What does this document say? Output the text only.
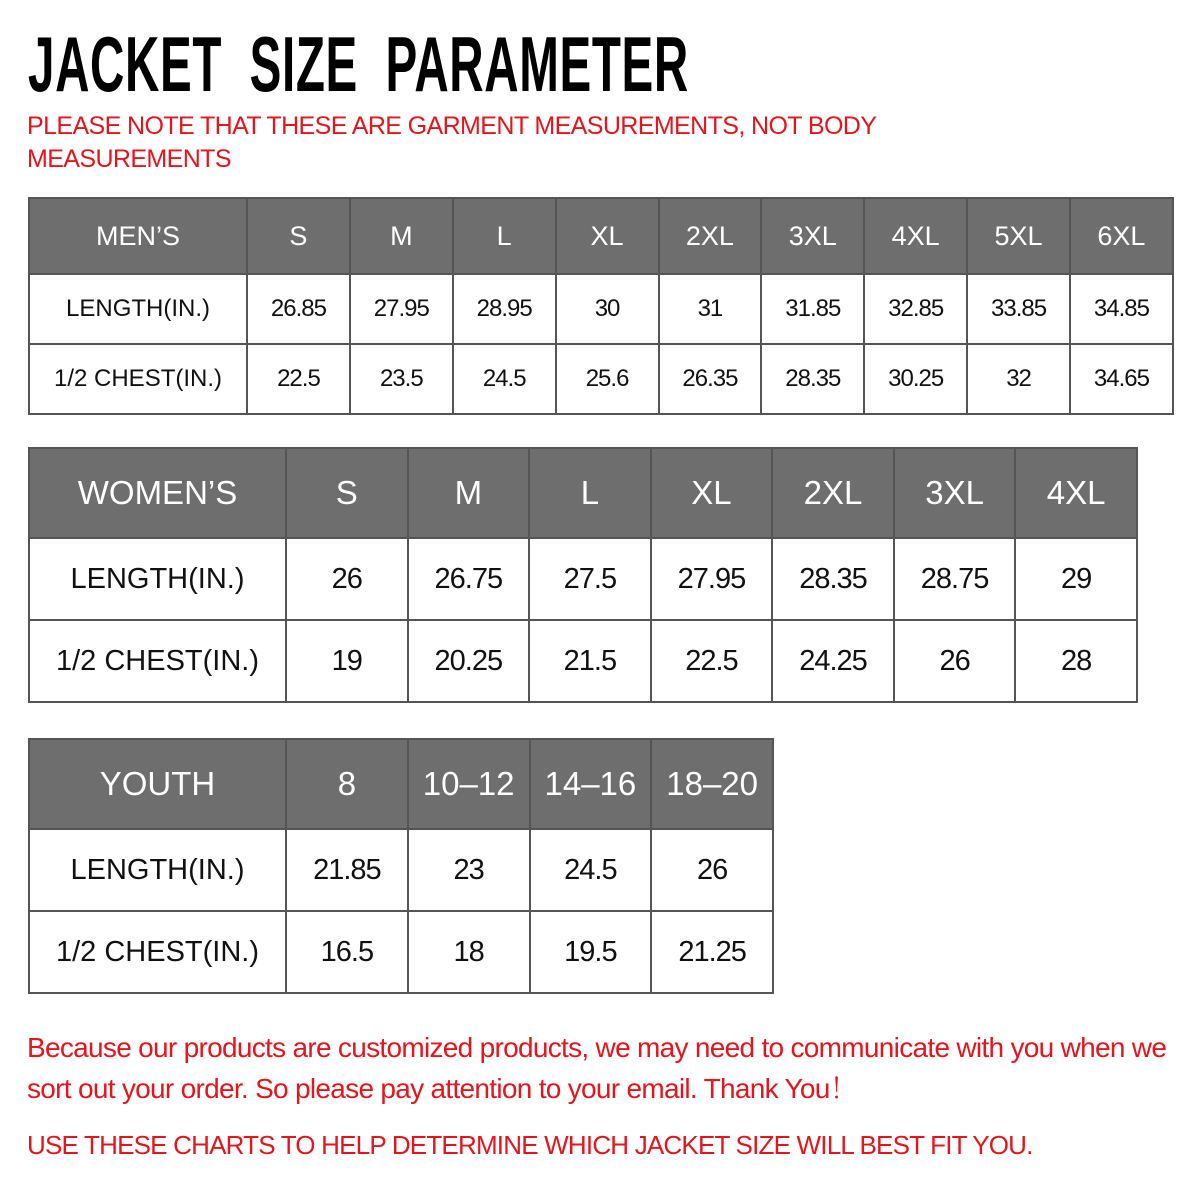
JACKET  SIZE  PARAMETER
PLEASE NOTE THAT THESE ARE GARMENT MEASUREMENTS, NOT BODY MEASUREMENTS
MEN’S	S	M	L	XL	2XL	3XL	4XL	5XL	6XL
LENGTH(IN.)	26.85	27.95	28.95	30	31	31.85	32.85	33.85	34.85
1/2 CHEST(IN.)	22.5	23.5	24.5	25.6	26.35	28.35	30.25	32	34.65
WOMEN’S	S	M	L	XL	2XL	3XL	4XL
LENGTH(IN.)	26	26.75	27.5	27.95	28.35	28.75	29
1/2 CHEST(IN.)	19	20.25	21.5	22.5	24.25	26	28
YOUTH	8	10–12	14–16	18–20
LENGTH(IN.)	21.85	23	24.5	26
1/2 CHEST(IN.)	16.5	18	19.5	21.25
Because our products are customized products, we may need to communicate with you when we sort out your order. So please pay attention to your email. Thank You！
USE THESE CHARTS TO HELP DETERMINE WHICH JACKET SIZE WILL BEST FIT YOU.
